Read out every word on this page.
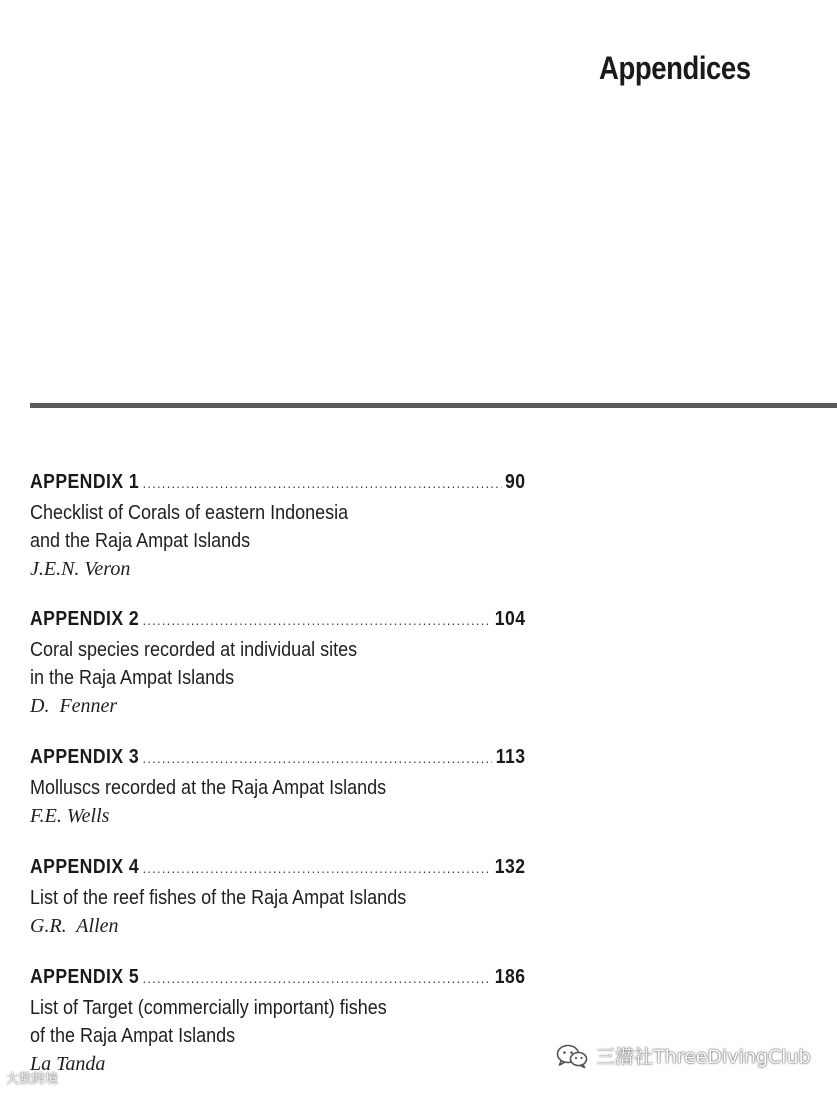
Appendices
APPENDIX 1 .....	90
Checklist of Corals of eastern Indonesia
and the Raja Ampat Islands
J.E.N. Veron
APPENDIX 2 .....	104
Coral species recorded at individual sites
in the Raja Ampat Islands
D.  Fenner
APPENDIX 3 .....	113
Molluscs recorded at the Raja Ampat Islands
F.E. Wells
APPENDIX 4 .....	132
List of the reef fishes of the Raja Ampat Islands
G.R.  Allen
APPENDIX 5 .....	186
List of Target (commercially important) fishes
of the Raja Ampat Islands
La Tanda	三潜社ThreeDivingClub
大数跨境
